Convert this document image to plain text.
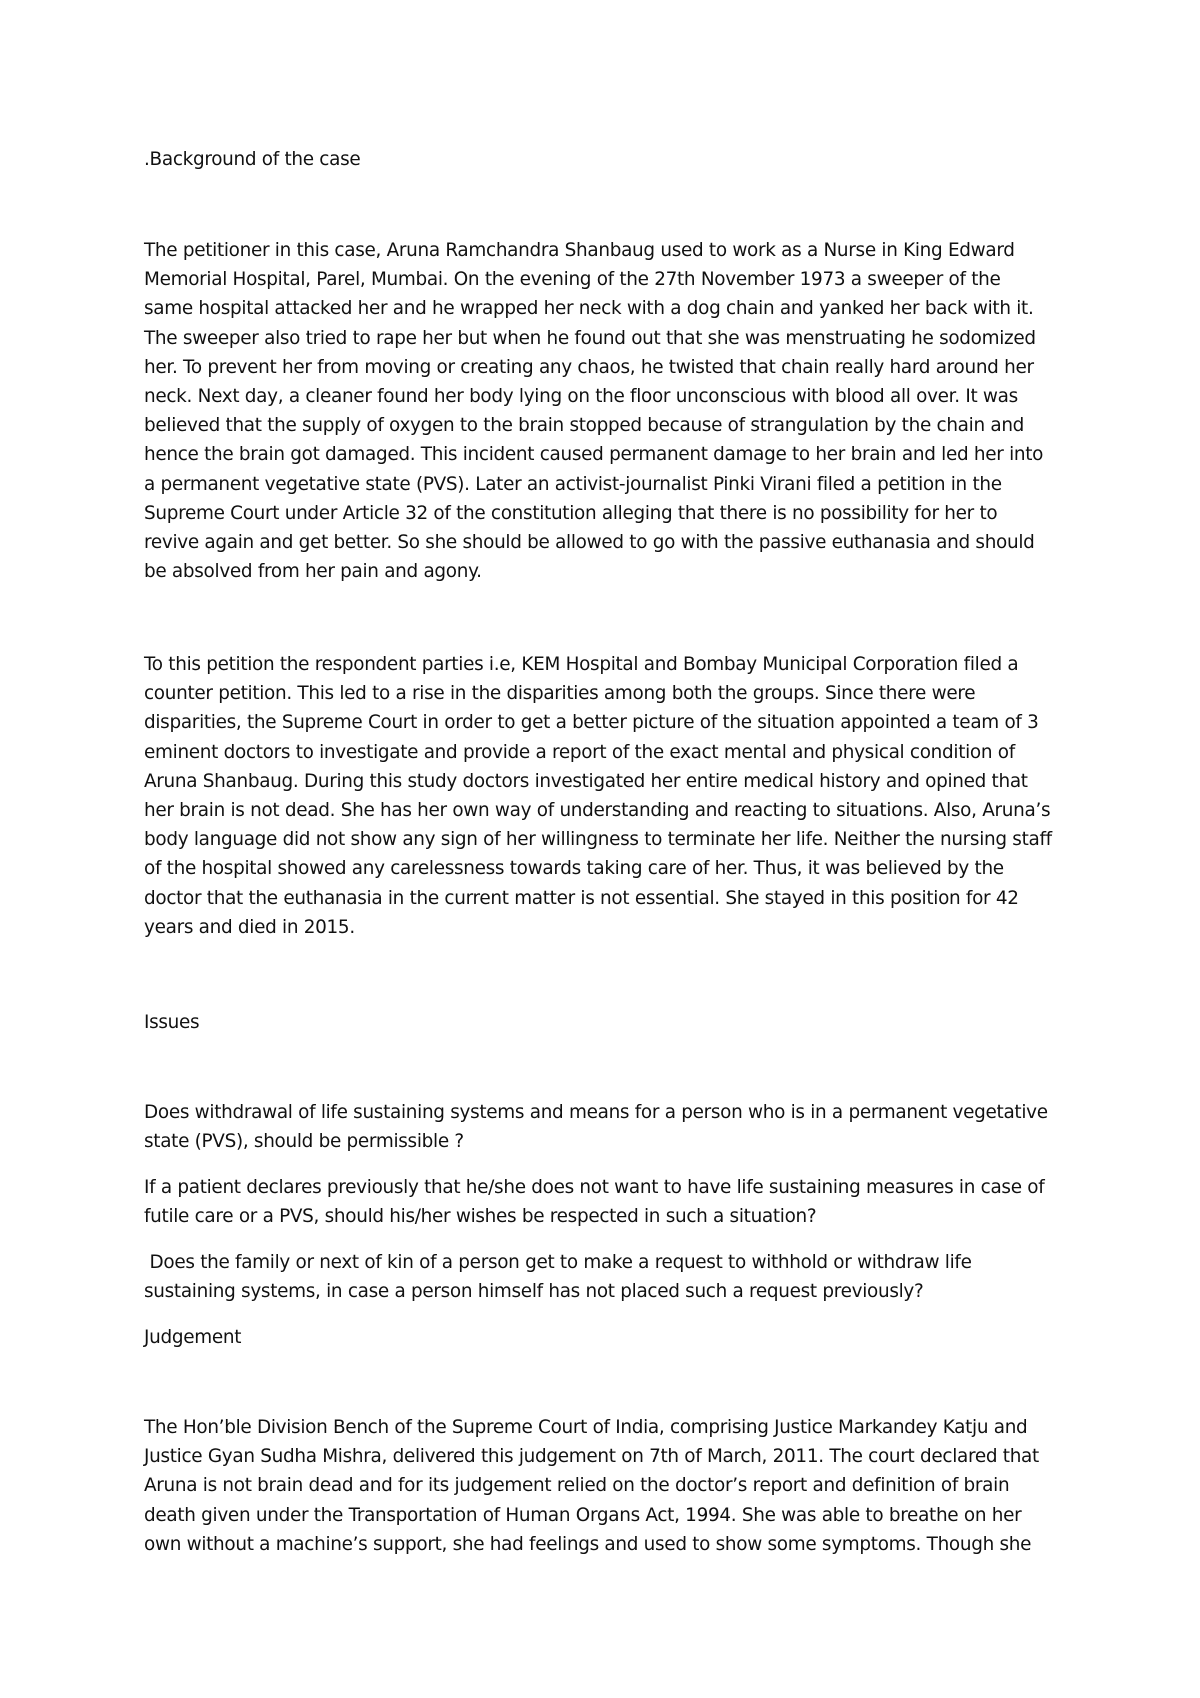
.Background of the case

The petitioner in this case, Aruna Ramchandra Shanbaug used to work as a Nurse in King Edward
Memorial Hospital, Parel, Mumbai. On the evening of the 27th November 1973 a sweeper of the
same hospital attacked her and he wrapped her neck with a dog chain and yanked her back with it.
The sweeper also tried to rape her but when he found out that she was menstruating he sodomized
her. To prevent her from moving or creating any chaos, he twisted that chain really hard around her
neck. Next day, a cleaner found her body lying on the floor unconscious with blood all over. It was
believed that the supply of oxygen to the brain stopped because of strangulation by the chain and
hence the brain got damaged. This incident caused permanent damage to her brain and led her into
a permanent vegetative state (PVS). Later an activist-journalist Pinki Virani filed a petition in the
Supreme Court under Article 32 of the constitution alleging that there is no possibility for her to
revive again and get better. So she should be allowed to go with the passive euthanasia and should
be absolved from her pain and agony.

To this petition the respondent parties i.e, KEM Hospital and Bombay Municipal Corporation filed a
counter petition. This led to a rise in the disparities among both the groups. Since there were
disparities, the Supreme Court in order to get a better picture of the situation appointed a team of 3
eminent doctors to investigate and provide a report of the exact mental and physical condition of
Aruna Shanbaug. During this study doctors investigated her entire medical history and opined that
her brain is not dead. She has her own way of understanding and reacting to situations. Also, Aruna’s
body language did not show any sign of her willingness to terminate her life. Neither the nursing staff
of the hospital showed any carelessness towards taking care of her. Thus, it was believed by the
doctor that the euthanasia in the current matter is not essential. She stayed in this position for 42
years and died in 2015.

Issues

Does withdrawal of life sustaining systems and means for a person who is in a permanent vegetative
state (PVS), should be permissible ?

If a patient declares previously that he/she does not want to have life sustaining measures in case of
futile care or a PVS, should his/her wishes be respected in such a situation?

Does the family or next of kin of a person get to make a request to withhold or withdraw life
sustaining systems, in case a person himself has not placed such a request previously?

Judgement

The Hon’ble Division Bench of the Supreme Court of India, comprising Justice Markandey Katju and
Justice Gyan Sudha Mishra, delivered this judgement on 7th of March, 2011. The court declared that
Aruna is not brain dead and for its judgement relied on the doctor’s report and definition of brain
death given under the Transportation of Human Organs Act, 1994. She was able to breathe on her
own without a machine’s support, she had feelings and used to show some symptoms. Though she
